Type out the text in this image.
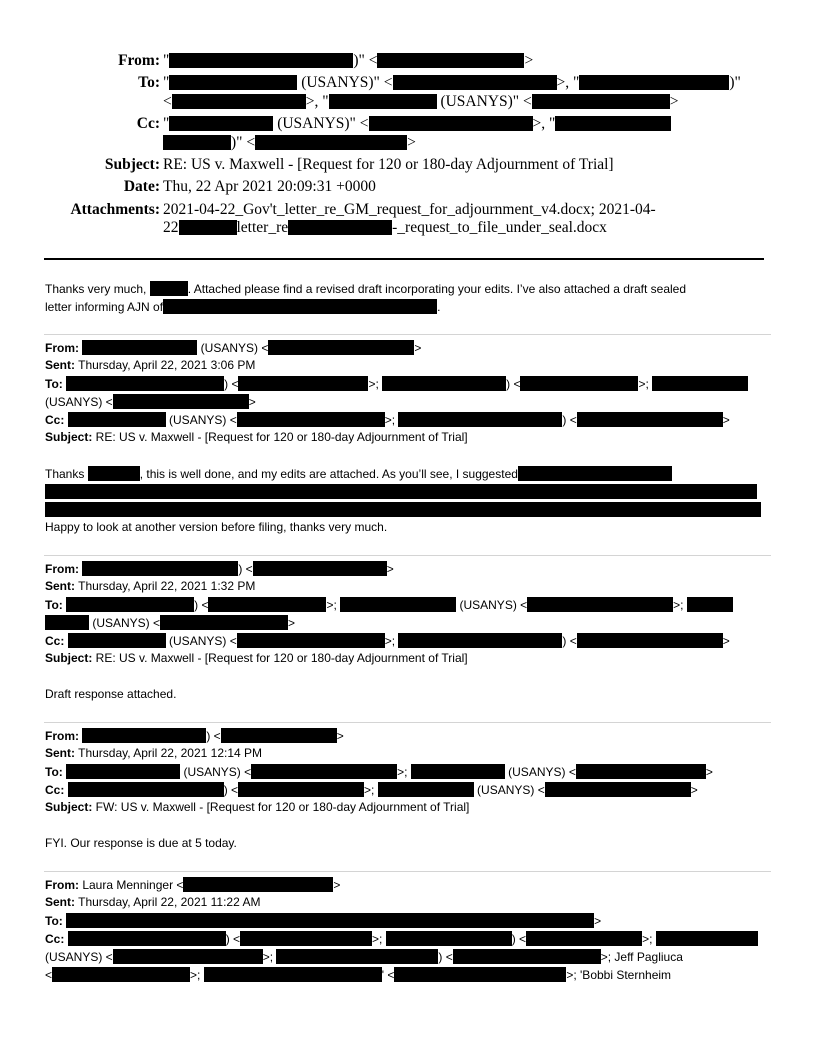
From: "	)" <	>
To: "	(USANYS)" <	>, "	)"
<	>, "	(USANYS)" <	>
Cc: "	(USANYS)" <	>, "
)" <	>
Subject: RE: US v. Maxwell - [Request for 120 or 180-day Adjournment of Trial]
Date: Thu, 22 Apr 2021 20:09:31 +0000
Attachments: 2021-04-22_Gov't_letter_re_GM_request_for_adjournment_v4.docx; 2021-04-
22	letter_re	-_request_to_file_under_seal.docx
Thanks very much,	. Attached please find a revised draft incorporating your edits. I’ve also attached a draft sealed
letter informing AJN of	.
From:	(USANYS) <	>
Sent: Thursday, April 22, 2021 3:06 PM
To:	) <	>;	) <	>;
(USANYS) <	>
Cc:	(USANYS) <	>;	) <	>
Subject: RE: US v. Maxwell - [Request for 120 or 180-day Adjournment of Trial]
Thanks	, this is well done, and my edits are attached. As you’ll see, I suggested
Happy to look at another version before filing, thanks very much.
From:	) <	>
Sent: Thursday, April 22, 2021 1:32 PM
To:	) <	>;	(USANYS) <	>;
(USANYS) <	>
Cc:	(USANYS) <	>;	) <	>
Subject: RE: US v. Maxwell - [Request for 120 or 180-day Adjournment of Trial]
Draft response attached.
From:	) <	>
Sent: Thursday, April 22, 2021 12:14 PM
To:	(USANYS) <	>;	(USANYS) <	>
Cc:	) <	>;	(USANYS) <	>
Subject: FW: US v. Maxwell - [Request for 120 or 180-day Adjournment of Trial]
FYI. Our response is due at 5 today.
From: Laura Menninger <	>
Sent: Thursday, April 22, 2021 11:22 AM
To:	>
Cc:	) <	>;	) <	>;
(USANYS) <	>;	) <	>; Jeff Pagliuca
<	>;	' <	>; 'Bobbi Sternheim
